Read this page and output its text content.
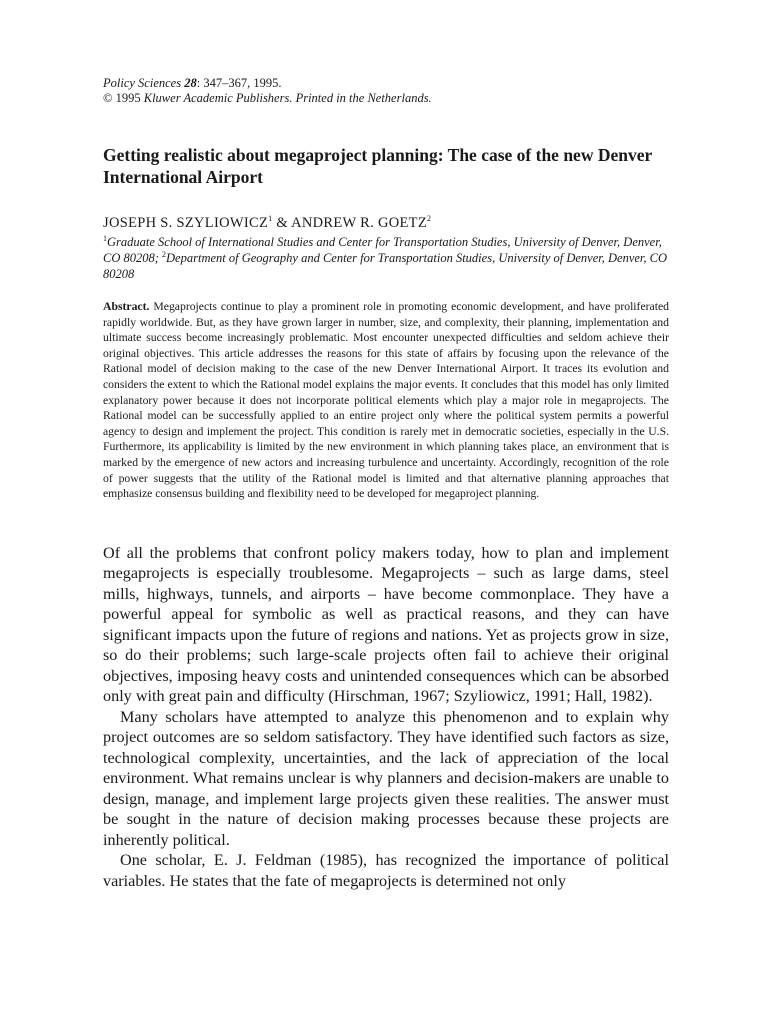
Policy Sciences 28: 347–367, 1995.
© 1995 Kluwer Academic Publishers. Printed in the Netherlands.
Getting realistic about megaproject planning: The case of the new Denver International Airport
JOSEPH S. SZYLIOWICZ$^1$ & ANDREW R. GOETZ$^2$
$^1$Graduate School of International Studies and Center for Transportation Studies, University of Denver, Denver, CO 80208; $^2$Department of Geography and Center for Transportation Studies, University of Denver, Denver, CO 80208
Abstract. Megaprojects continue to play a prominent role in promoting economic development, and have proliferated rapidly worldwide. But, as they have grown larger in number, size, and complexity, their planning, implementation and ultimate success become increasingly problematic. Most encounter unexpected difficulties and seldom achieve their original objectives. This article addresses the reasons for this state of affairs by focusing upon the relevance of the Rational model of decision making to the case of the new Denver International Airport. It traces its evolution and considers the extent to which the Rational model explains the major events. It concludes that this model has only limited explanatory power because it does not incorporate political elements which play a major role in megaprojects. The Rational model can be successfully applied to an entire project only where the political system permits a powerful agency to design and implement the project. This condition is rarely met in democratic societies, especially in the U.S. Furthermore, its applicability is limited by the new environment in which planning takes place, an environment that is marked by the emergence of new actors and increasing turbulence and uncertainty. Accordingly, recognition of the role of power suggests that the utility of the Rational model is limited and that alternative planning approaches that emphasize consensus building and flexibility need to be developed for megaproject planning.

Of all the problems that confront policy makers today, how to plan and implement megaprojects is especially troublesome. Megaprojects – such as large dams, steel mills, highways, tunnels, and airports – have become commonplace. They have a powerful appeal for symbolic as well as practical reasons, and they can have significant impacts upon the future of regions and nations. Yet as projects grow in size, so do their problems; such large-scale projects often fail to achieve their original objectives, imposing heavy costs and unintended consequences which can be absorbed only with great pain and difficulty (Hirschman, 1967; Szyliowicz, 1991; Hall, 1982).

Many scholars have attempted to analyze this phenomenon and to explain why project outcomes are so seldom satisfactory. They have identified such factors as size, technological complexity, uncertainties, and the lack of appreciation of the local environment. What remains unclear is why planners and decision-makers are unable to design, manage, and implement large projects given these realities. The answer must be sought in the nature of decision making processes because these projects are inherently political.

One scholar, E. J. Feldman (1985), has recognized the importance of political variables. He states that the fate of megaprojects is determined not only
